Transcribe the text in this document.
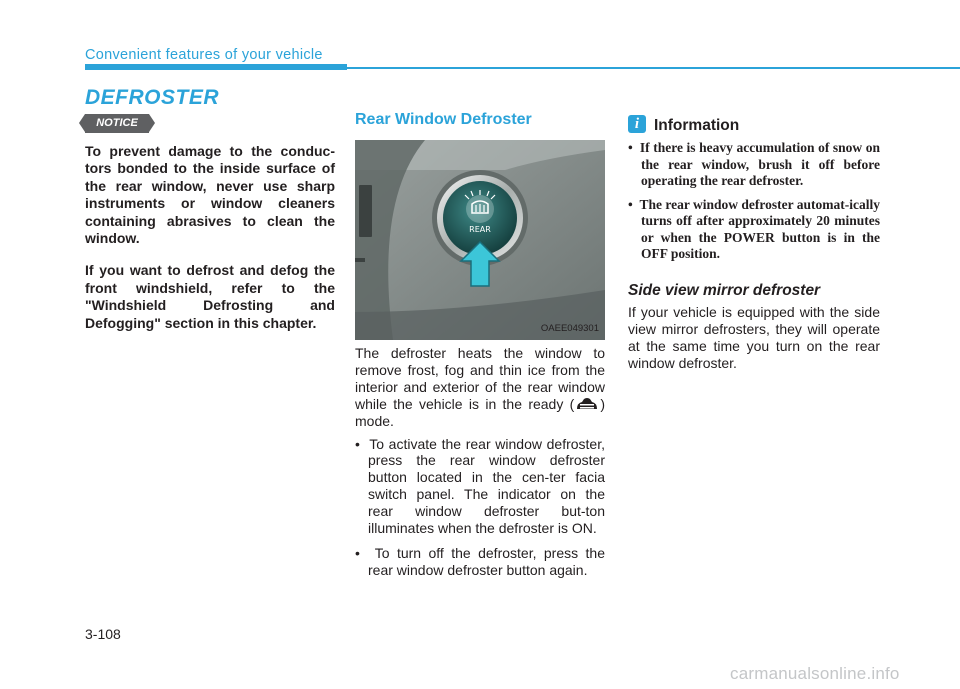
Convenient features of your vehicle
DEFROSTER
NOTICE

To prevent damage to the conduc-tors bonded to the inside surface of the rear window, never use sharp instruments or window cleaners containing abrasives to clean the window.

If you want to defrost and defog the front windshield, refer to the "Windshield Defrosting and Defogging" section in this chapter.

Rear Window Defroster
REAR
OAEE049301
The defroster heats the window to remove frost, fog and thin ice from the interior and exterior of the rear window while the vehicle is in the ready ( ) mode.
•  To activate the rear window defroster, press the rear window defroster button located in the cen-ter facia switch panel. The indicator on the rear window defroster but-ton illuminates when the defroster is ON.
•  To turn off the defroster, press the rear window defroster button again.
i Information
•  If there is heavy accumulation of snow on the rear window, brush it off before operating the rear defroster.
•  The rear window defroster automat-ically turns off after approximately 20 minutes or when the POWER button is in the OFF position.
Side view mirror defroster
If your vehicle is equipped with the side view mirror defrosters, they will operate at the same time you turn on the rear window defroster.
3-108
carmanualsonline.info
